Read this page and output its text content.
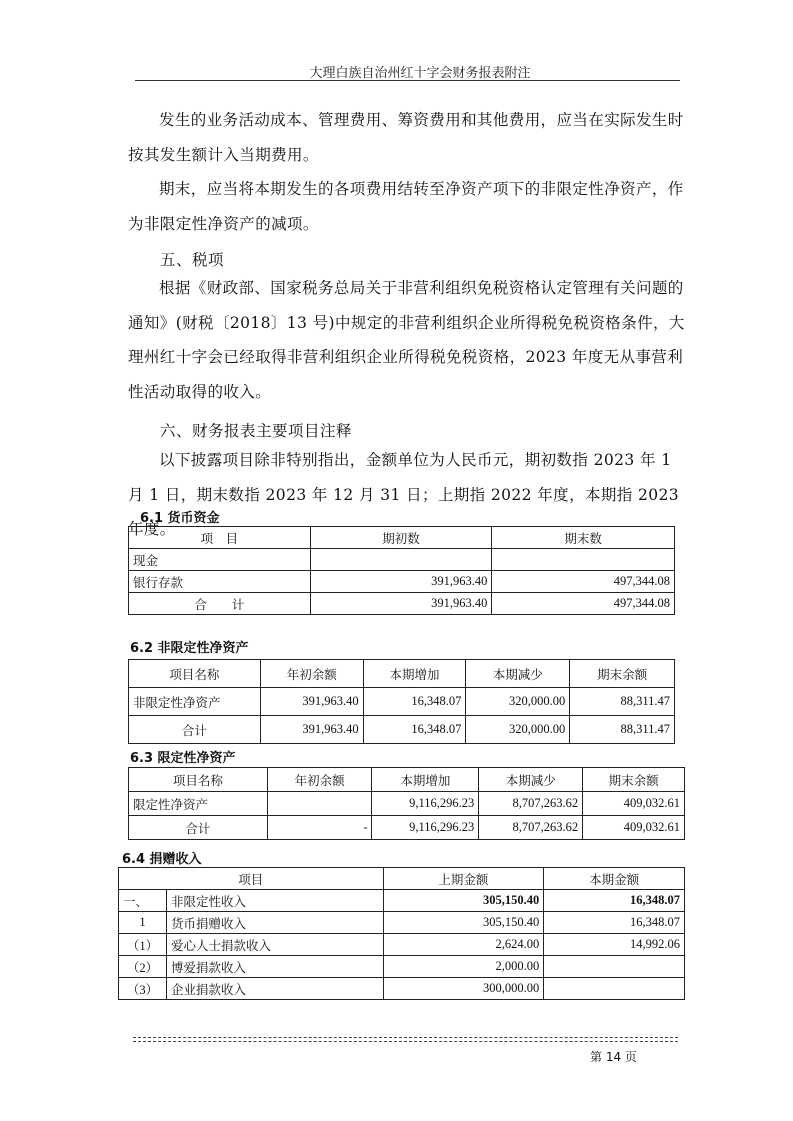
大理白族自治州红十字会财务报表附注

发生的业务活动成本、管理费用、筹资费用和其他费用，应当在实际发生时按其发生额计入当期费用。

期末，应当将本期发生的各项费用结转至净资产项下的非限定性净资产，作为非限定性净资产的减项。

五、税项

根据《财政部、国家税务总局关于非营利组织免税资格认定管理有关问题的通知》(财税〔2018〕13 号)中规定的非营利组织企业所得税免税资格条件，大理州红十字会已经取得非营利组织企业所得税免税资格，2023 年度无从事营利性活动取得的收入。

六、财务报表主要项目注释

以下披露项目除非特别指出，金额单位为人民币元，期初数指 2023 年 1 月 1 日，期末数指 2023 年 12 月 31 日；上期指 2022 年度，本期指 2023 年度。

6.1 货币资金
项　目	期初数	期末数
现金		
银行存款	391,963.40	497,344.08
合　　计	391,963.40	497,344.08
6.2 非限定性净资产
项目名称	年初余额	本期增加	本期减少	期末余额
非限定性净资产	391,963.40	16,348.07	320,000.00	88,311.47
合计	391,963.40	16,348.07	320,000.00	88,311.47
6.3 限定性净资产
项目名称	年初余额	本期增加	本期减少	期末余额
限定性净资产		9,116,296.23	8,707,263.62	409,032.61
合计	-	9,116,296.23	8,707,263.62	409,032.61
6.4 捐赠收入
项目		上期金额	本期金额
一、	非限定性收入	305,150.40	16,348.07
1	货币捐赠收入	305,150.40	16,348.07
（1）	爱心人士捐款收入	2,624.00	14,992.06
（2）	博爱捐款收入	2,000.00	
（3）	企业捐款收入	300,000.00	
第 14 页
